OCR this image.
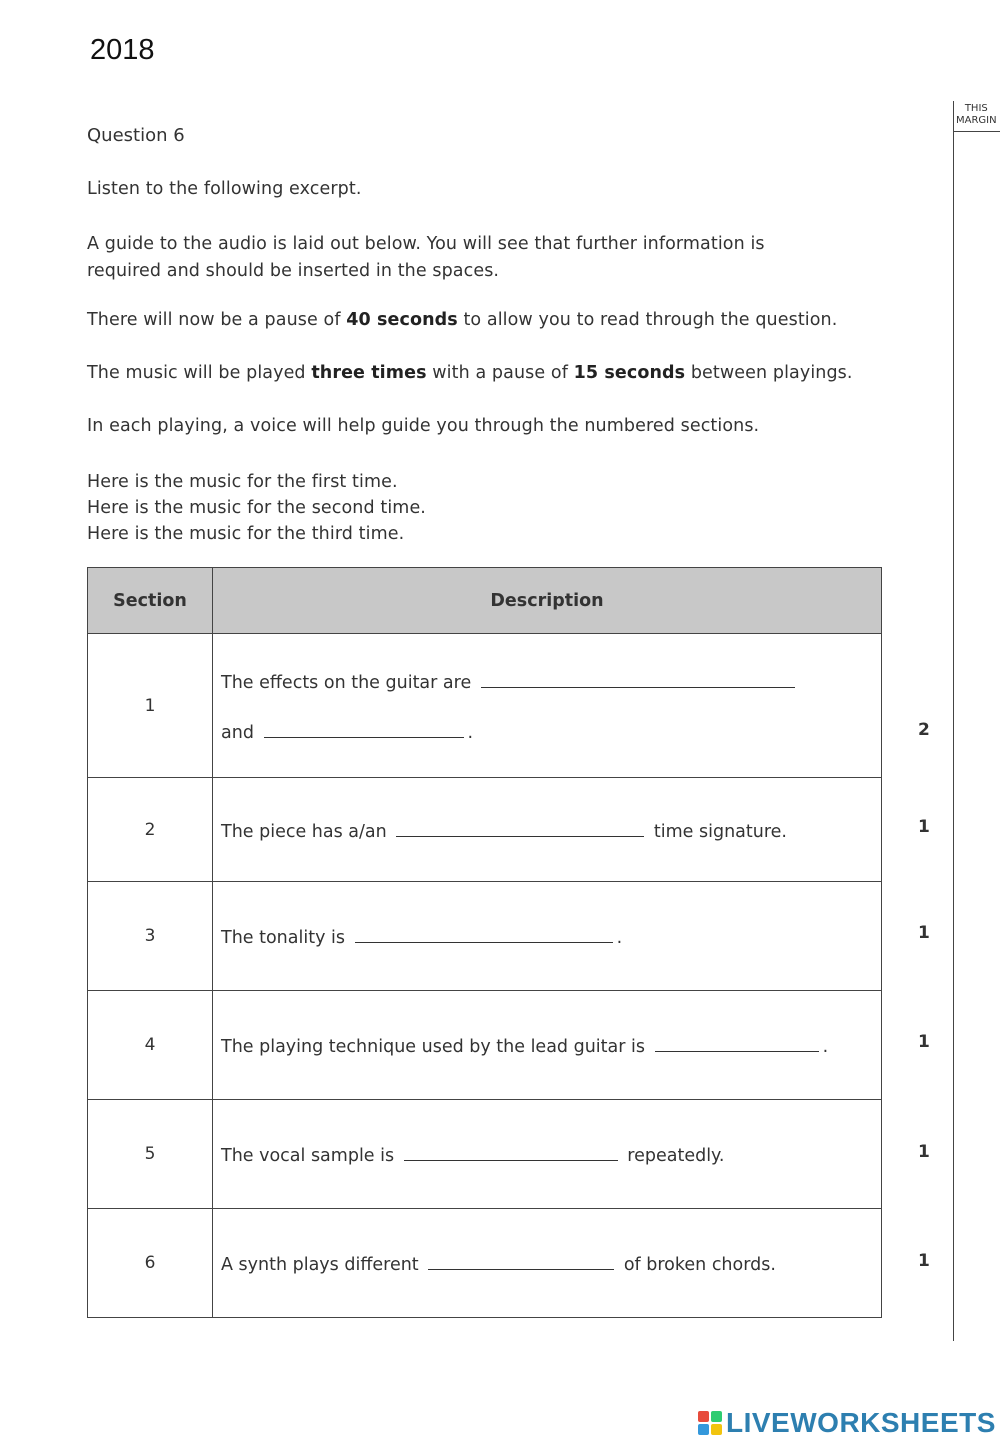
2018
THIS
MARGIN
Question 6
Listen to the following excerpt.
A guide to the audio is laid out below. You will see that further information is
required and should be inserted in the spaces.
There will now be a pause of 40 seconds to allow you to read through the question.
The music will be played three times with a pause of 15 seconds between playings.
In each playing, a voice will help guide you through the numbered sections.
Here is the music for the first time.
Here is the music for the second time.
Here is the music for the third time.
Section	Description
1	The effects on the guitar are
and .

2	The piece has a/an time signature.
3	The tonality is .
4	The playing technique used by the lead guitar is .
5	The vocal sample is repeatedly.
6	A synth plays different of broken chords.
2
1
1
1
1
1
LIVEWORKSHEETS
